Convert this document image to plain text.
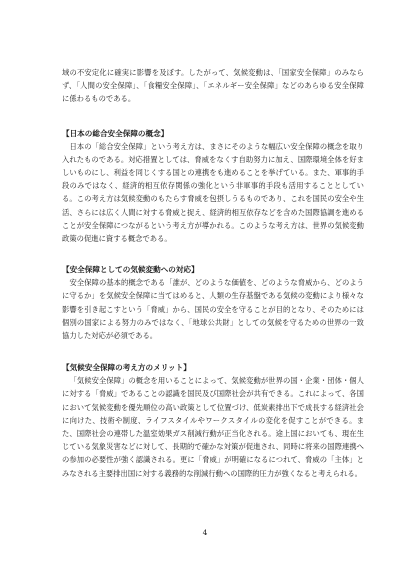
域の不安定化に確実に影響を及ぼす。したがって、気候変動は、「国家安全保障」のみならず、「人間の安全保障」、「食糧安全保障」、「エネルギー安全保障」などのあらゆる安全保障に係わるものである。

【日本の総合安全保障の概念】

日本の「総合安全保障」という考え方は、まさにそのような幅広い安全保障の概念を取り入れたものである。対応措置としては、脅威をなくす自助努力に加え、国際環境全体を好ましいものにし、利益を同じくする国との連携をも進めることを挙げている。また、軍事的手段のみではなく、経済的相互依存関係の強化という非軍事的手段も活用することとしている。この考え方は気候変動のもたらす脅威を包摂しうるものであり、これを国民の安全や生活、さらには広く人間に対する脅威と捉え、経済的相互依存などを含めた国際協調を進めることが安全保障につながるという考え方が導かれる。このような考え方は、世界の気候変動政策の促進に資する概念である。

【安全保障としての気候変動への対応】

安全保障の基本的概念である「誰が、どのような価値を、どのような脅威から、どのように守るか」を気候安全保障に当てはめると、人類の生存基盤である気候の変動により様々な影響を引き起こすという「脅威」から、国民の安全を守ることが目的となり、そのためには個別の国家による努力のみではなく、「地球公共財」としての気候を守るための世界の一致協力した対応が必須である。

【気候安全保障の考え方のメリット】

「気候安全保障」の概念を用いることによって、気候変動が世界の国・企業・団体・個人に対する「脅威」であることの認識を国民及び国際社会が共有できる。これによって、各国において気候変動を優先順位の高い政策として位置づけ、低炭素排出下で成長する経済社会に向けた、技術や制度、ライフスタイルやワークスタイルの変化を促すことができる。また、国際社会の連帯した温室効果ガス削減行動が正当化される。途上国においても、現在生じている気象災害などに対して、長期的で確かな対策が促進され、同時に将来の国際連携への参加の必要性が強く認識される。更に「脅威」が明確になるにつれて、脅威の「主体」とみなされる主要排出国に対する義務的な削減行動への国際的圧力が強くなると考えられる。

4
